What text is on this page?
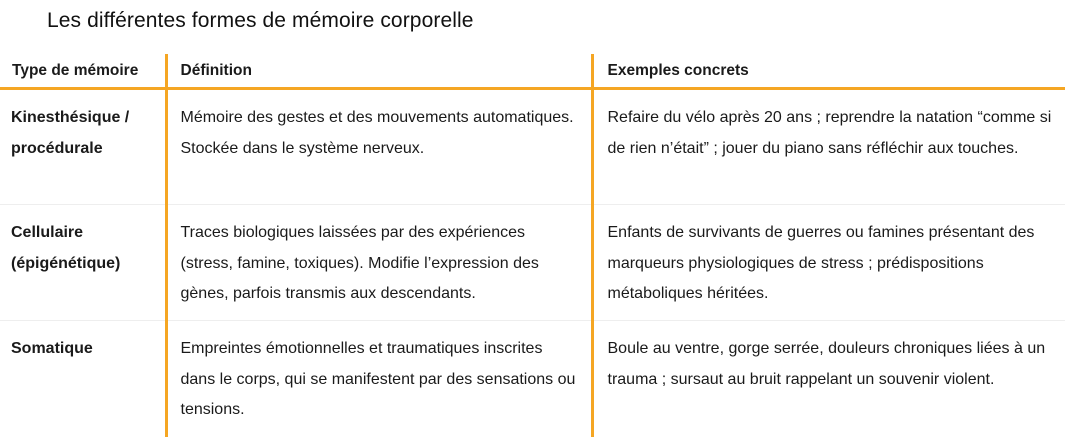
Les différentes formes de mémoire corporelle
Type de mémoire	Définition	Exemples concrets
Kinesthésique / procédurale	Mémoire des gestes et des mouvements automatiques. Stockée dans le système nerveux.	Refaire du vélo après 20 ans ; reprendre la natation “comme si de rien n’était” ; jouer du piano sans réfléchir aux touches.
Cellulaire (épigénétique)	Traces biologiques laissées par des expériences (stress, famine, toxiques). Modifie l’expression des gènes, parfois transmis aux descendants.	Enfants de survivants de guerres ou famines présentant des marqueurs physiologiques de stress ; prédispositions métaboliques héritées.
Somatique	Empreintes émotionnelles et traumatiques inscrites dans le corps, qui se manifestent par des sensations ou tensions.	Boule au ventre, gorge serrée, douleurs chroniques liées à un trauma ; sursaut au bruit rappelant un souvenir violent.
